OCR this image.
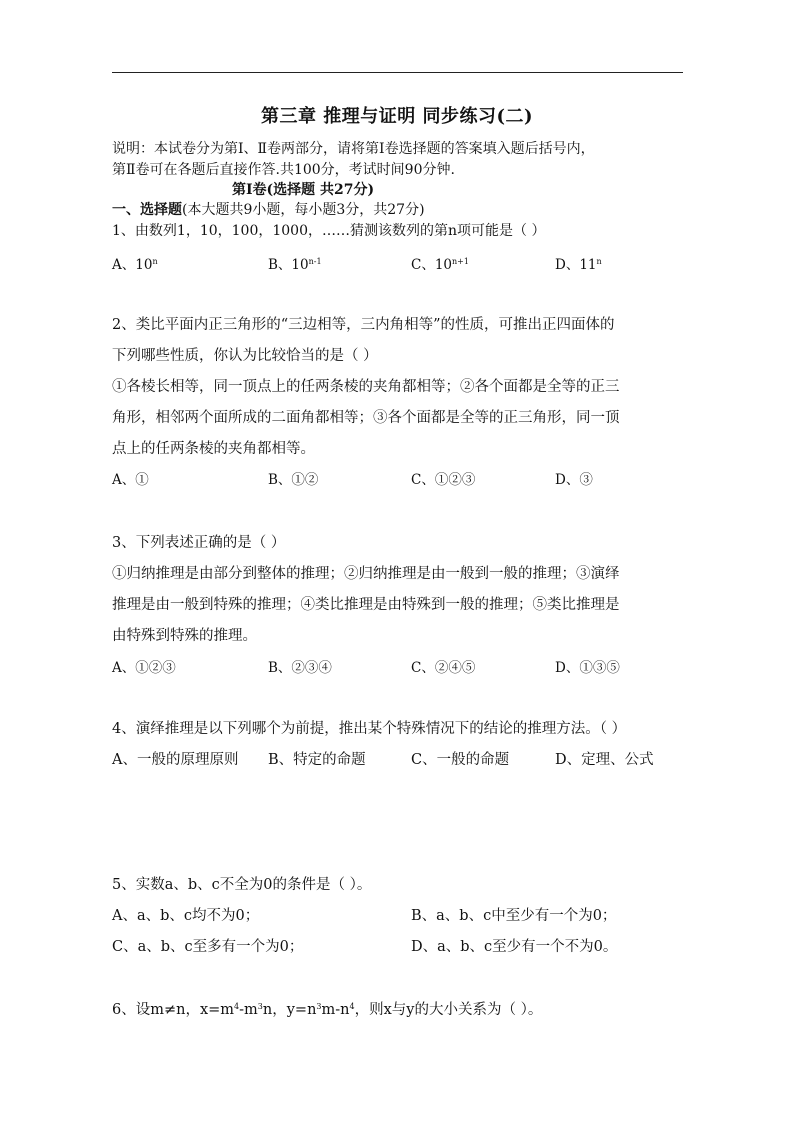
第三章 推理与证明 同步练习(二)
说明：本试卷分为第Ⅰ、Ⅱ卷两部分，请将第Ⅰ卷选择题的答案填入题后括号内，
第Ⅱ卷可在各题后直接作答.共100分，考试时间90分钟.
第Ⅰ卷(选择题 共27分)
一、选择题(本大题共9小题，每小题3分，共27分)
1、由数列1，10，100，1000，……猜测该数列的第n项可能是（ ）
A、10$^n$	B、10$^{n-1}$	C、$10^{n+1}$	D、11$^n$
2、类比平面内正三角形的“三边相等，三内角相等”的性质，可推出正四面体的
下列哪些性质，你认为比较恰当的是（ ）
①各棱长相等，同一顶点上的任两条棱的夹角都相等；②各个面都是全等的正三
角形，相邻两个面所成的二面角都相等；③各个面都是全等的正三角形，同一顶
点上的任两条棱的夹角都相等。
A、①	B、①②	C、①②③	D、③
3、下列表述正确的是（ ）
①归纳推理是由部分到整体的推理；②归纳推理是由一般到一般的推理；③演绎
推理是由一般到特殊的推理；④类比推理是由特殊到一般的推理；⑤类比推理是
由特殊到特殊的推理。
A、①②③	B、②③④	C、②④⑤	D、①③⑤
4、演绎推理是以下列哪个为前提，推出某个特殊情况下的结论的推理方法。（ ）
A、一般的原理原则 B、特定的命题	C、一般的命题	D、定理、公式
5、实数a、b、c不全为0的条件是（ ）。
A、a、b、c均不为0；	B、a、b、c中至少有一个为0；
C、a、b、c至多有一个为0；	D、a、b、c至少有一个不为0。
6、设m≠n，$x=m^4-m^3n$，$y=n^3m-n^4$，则x与y的大小关系为（ ）。
